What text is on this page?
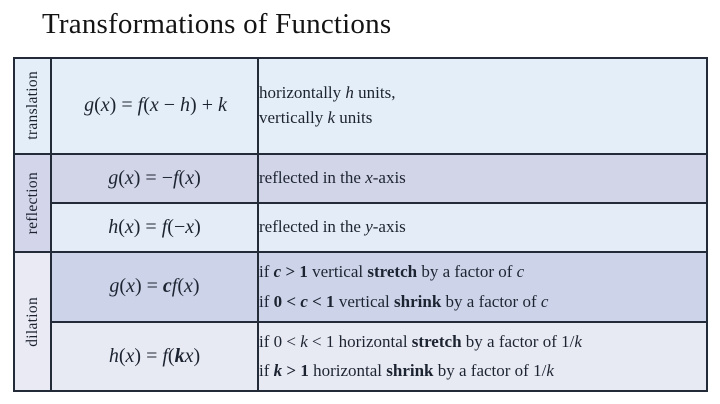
Transformations of Functions
translation	g(x) = f(x − h) + k	horizontally h units,
vertically k units

reflection	g(x) = −f(x)	reflected in the x-axis

	h(x) = f(−x)	reflected in the y-axis

dilation	g(x) = cf(x)	if c > 1 vertical stretch by a factor of c
if 0 < c < 1 vertical shrink by a factor of c

	h(x) = f(kx)	if 0 < k < 1 horizontal stretch by a factor of 1/k
if k > 1 horizontal shrink by a factor of 1/k
